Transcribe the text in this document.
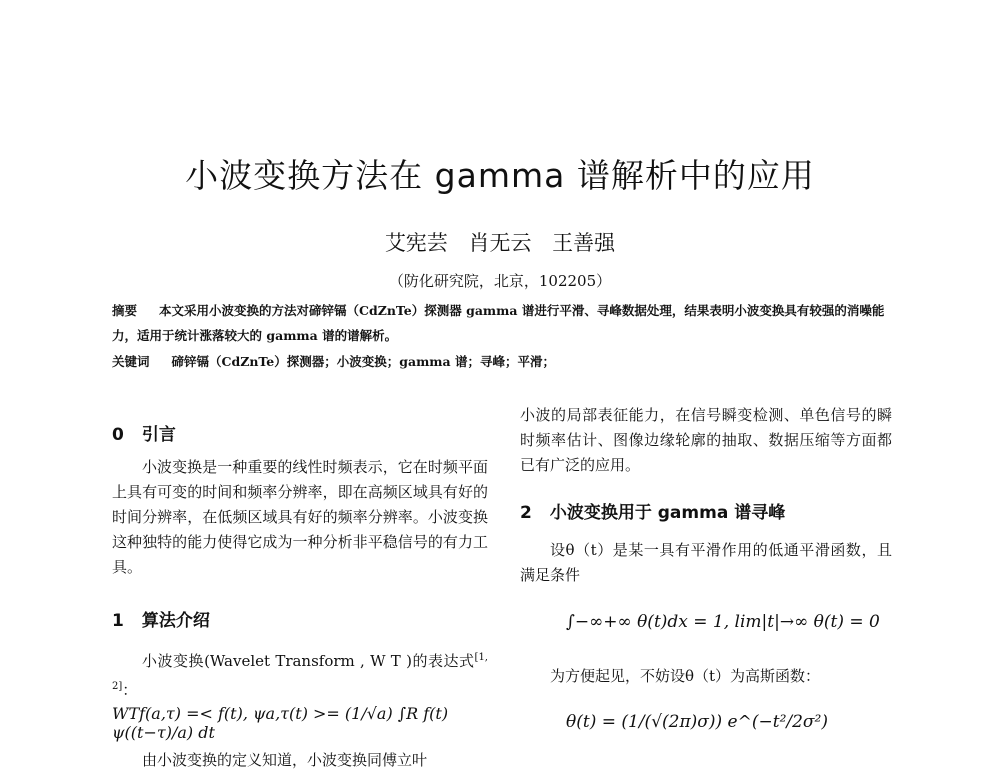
小波变换方法在 gamma 谱解析中的应用
艾宪芸 肖无云 王善强
（防化研究院，北京，102205）
摘要 本文采用小波变换的方法对碲锌镉（CdZnTe）探测器 gamma 谱进行平滑、寻峰数据处理，结果表明小波变换具有较强的消噪能力，适用于统计涨落较大的 gamma 谱的谱解析。
关键词 碲锌镉（CdZnTe）探测器；小波变换；gamma 谱；寻峰；平滑；
0 引言
小波变换是一种重要的线性时频表示，它在时频平面上具有可变的时间和频率分辨率，即在高频区域具有好的时间分辨率，在低频区域具有好的频率分辨率。小波变换这种独特的能力使得它成为一种分析非平稳信号的有力工具。
1 算法介绍
小波变换(Wavelet Transform , W T )的表达式[1, 2]：
WTf(a,τ) =< f(t), ψa,τ(t) >= (1/√a) ∫R f(t) ψ((t−τ)/a) dt
由小波变换的定义知道，小波变换同傅立叶
小波的局部表征能力，在信号瞬变检测、单色信号的瞬时频率估计、图像边缘轮廓的抽取、数据压缩等方面都已有广泛的应用。
2 小波变换用于 gamma 谱寻峰
设θ（t）是某一具有平滑作用的低通平滑函数，且满足条件
∫−∞+∞ θ(t)dx = 1, lim|t|→∞ θ(t) = 0
为方便起见，不妨设θ（t）为高斯函数：
θ(t) = (1/(√(2π)σ)) e^(−t²/2σ²)
